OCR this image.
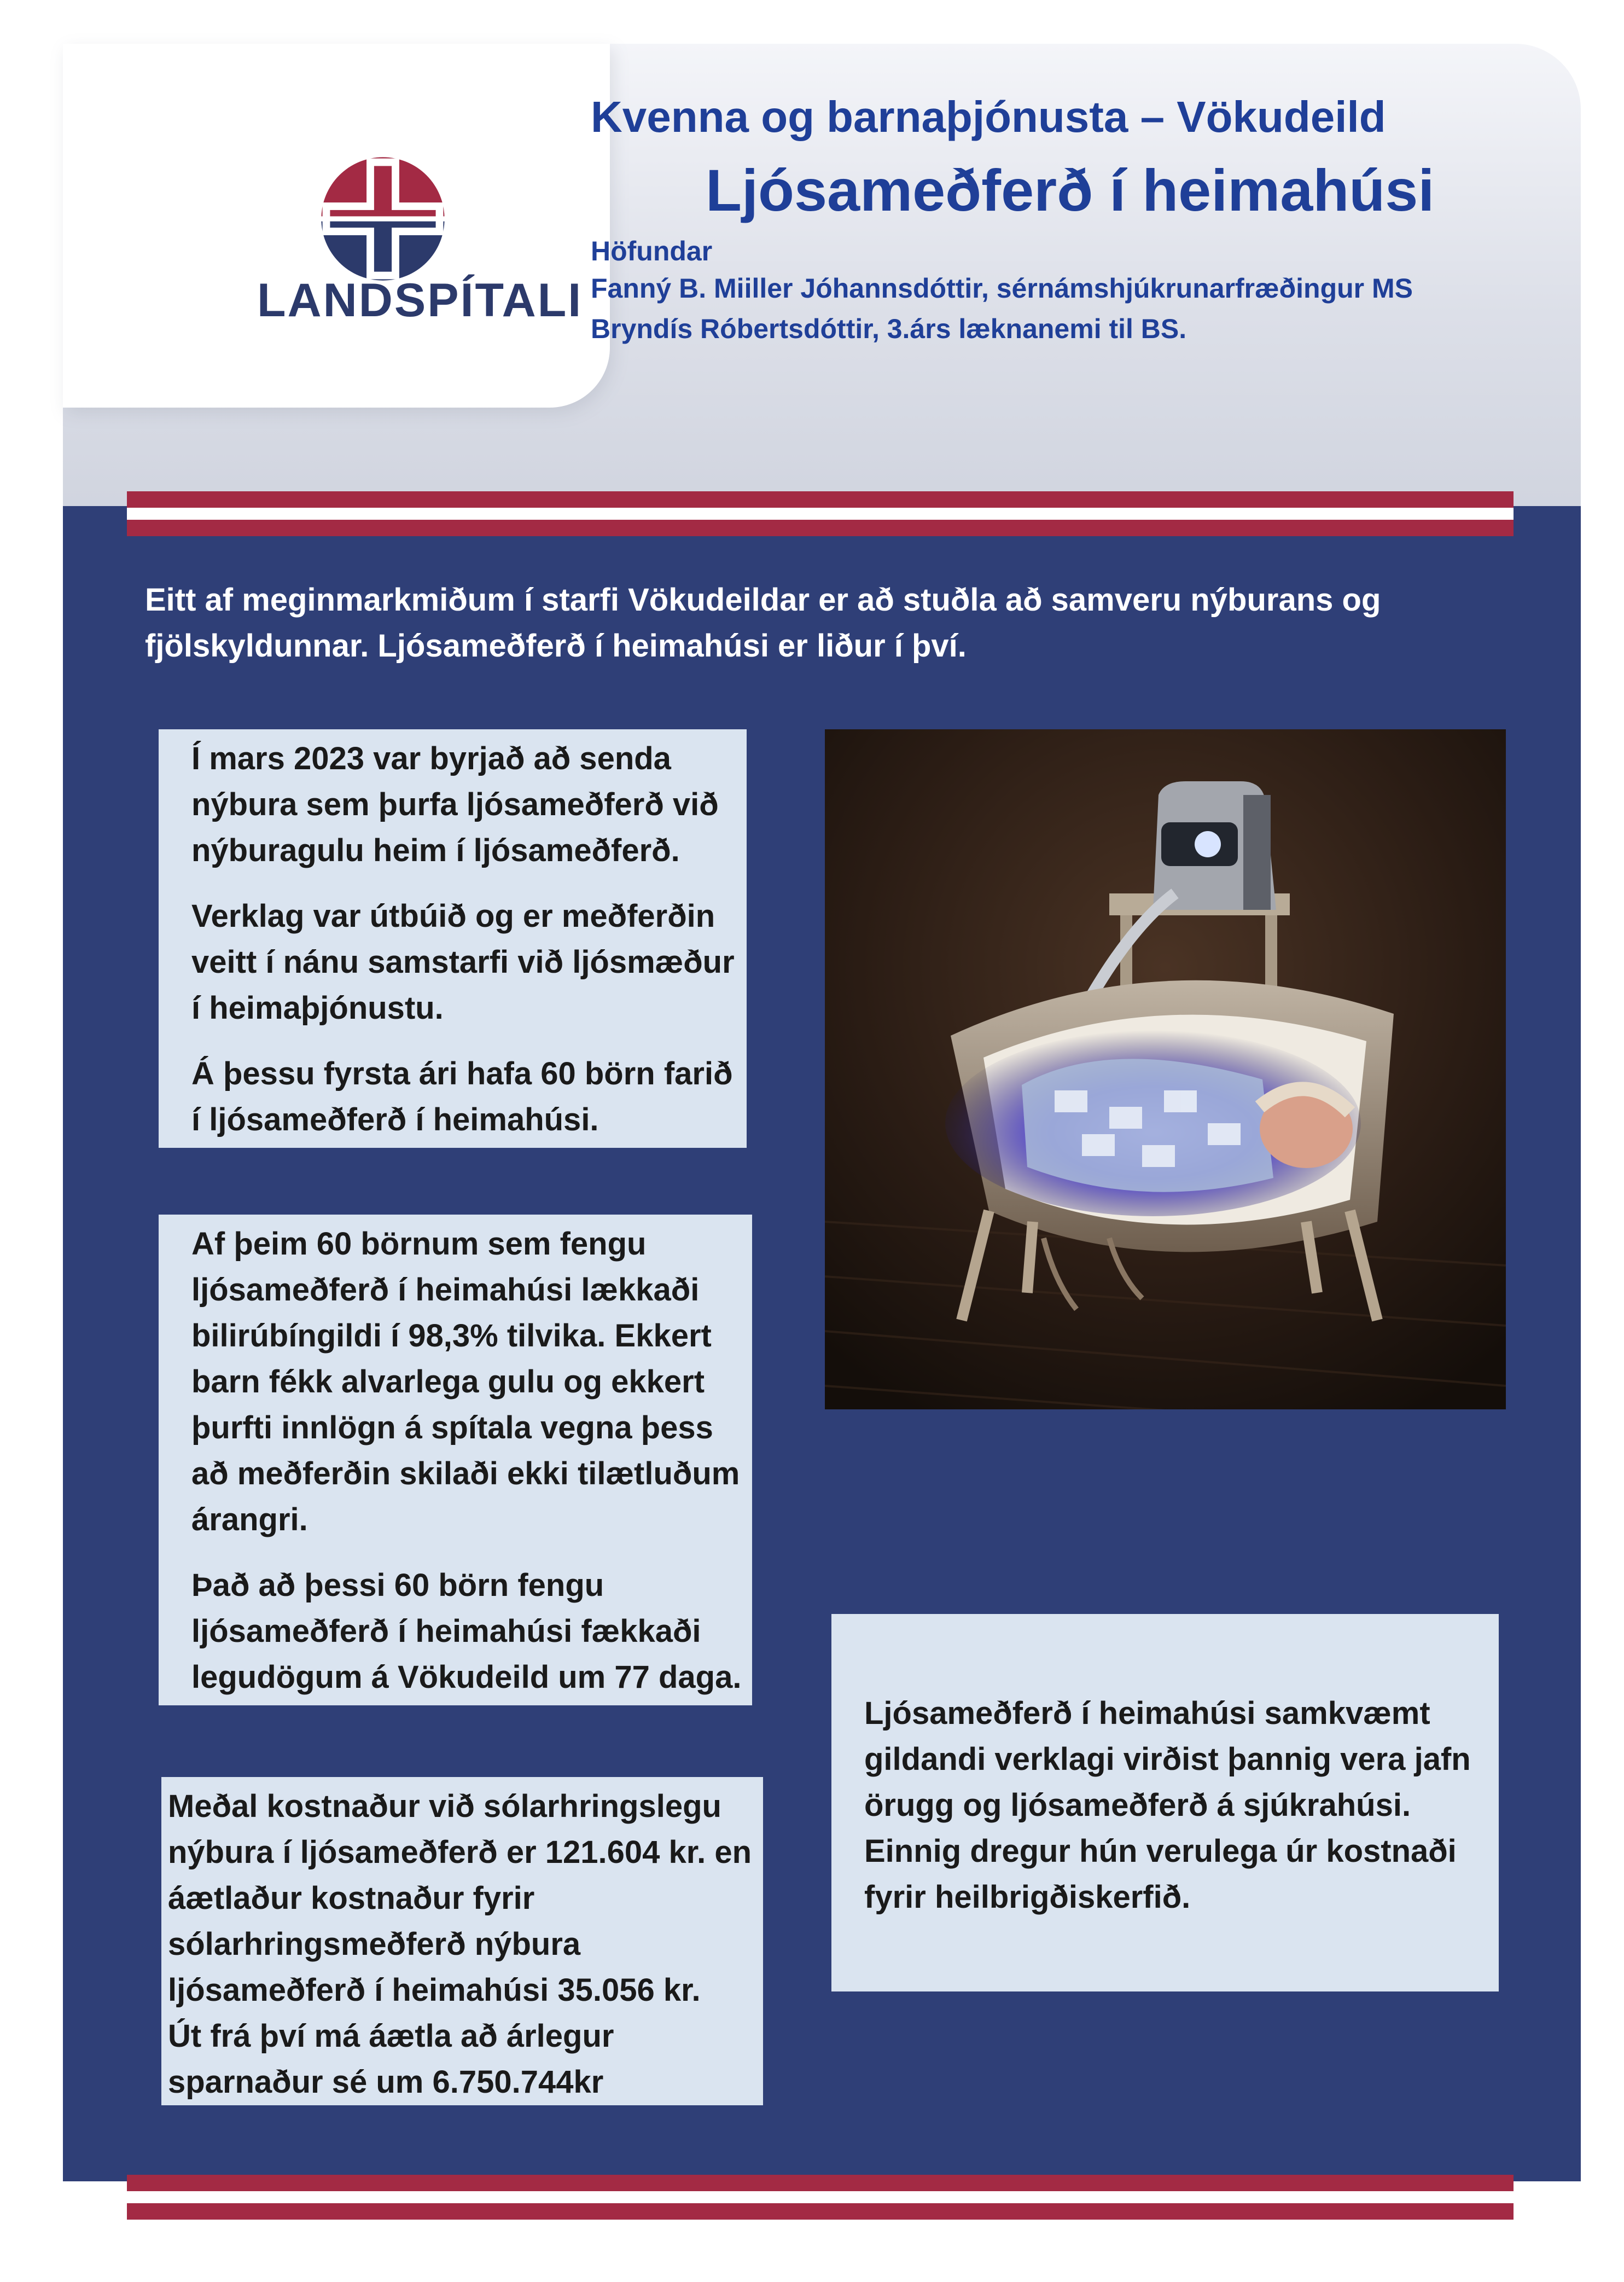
LANDSPÍTALI
Kvenna og barnaþjónusta – Vökudeild
Ljósameðferð í heimahúsi
Höfundar
Fanný B. Miiller Jóhannsdóttir, sérnámshjúkrunarfræðingur MS
Bryndís Róbertsdóttir, 3.árs læknanemi til BS.
Eitt af meginmarkmiðum í starfi Vökudeildar er að stuðla að samveru nýburans og fjölskyldunnar. Ljósameðferð í heimahúsi er liður í því.

Í mars 2023 var byrjað að senda nýbura sem þurfa ljósameðferð við nýburagulu heim í ljósameðferð.

Verklag var útbúið og er meðferðin veitt í nánu samstarfi við ljósmæður í heimaþjónustu.

Á þessu fyrsta ári hafa 60 börn farið í ljósameðferð í heimahúsi.

Af þeim 60 börnum sem fengu ljósameðferð í heimahúsi lækkaði bilirúbíngildi í 98,3% tilvika. Ekkert barn fékk alvarlega gulu og ekkert þurfti innlögn á spítala vegna þess að meðferðin skilaði ekki tilætluðum árangri.

Það að þessi 60 börn fengu ljósameðferð í heimahúsi fækkaði legudögum á Vökudeild um 77 daga.

Ljósameðferð í heimahúsi samkvæmt gildandi verklagi virðist þannig vera jafn örugg og ljósameðferð á sjúkrahúsi. Einnig dregur hún verulega úr kostnaði fyrir heilbrigðiskerfið.

Meðal kostnaður við sólarhringslegu
nýbura í ljósameðferð er 121.604 kr. en
áætlaður kostnaður fyrir
sólarhringsmeðferð nýbura
ljósameðferð í heimahúsi 35.056 kr.
Út frá því má áætla að árlegur
sparnaður sé um 6.750.744kr
